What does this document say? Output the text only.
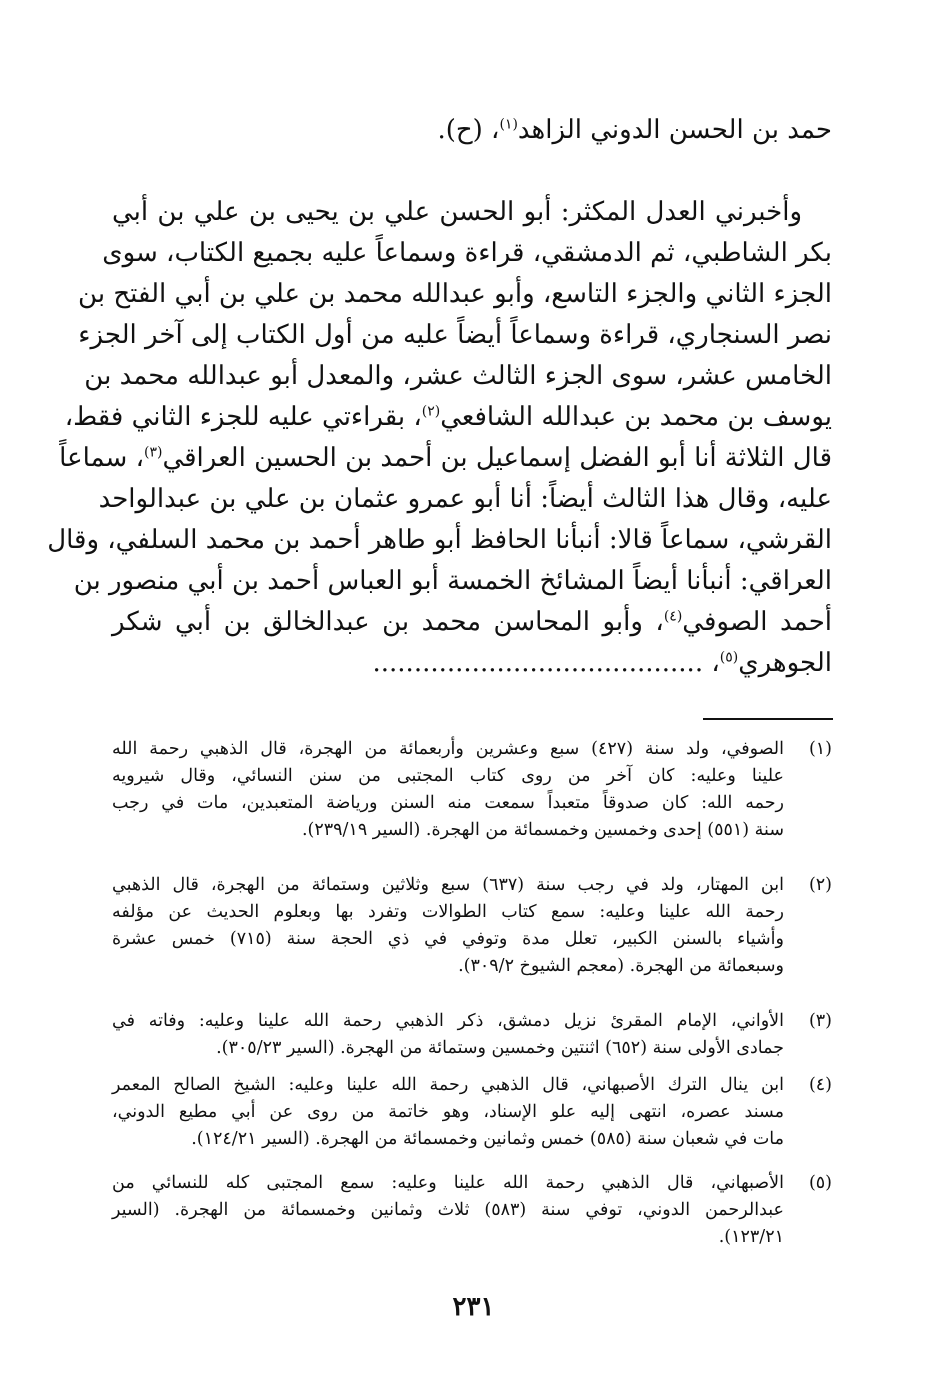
حمد بن الحسن الدوني الزاهد$^{(١)}$، (ح).
وأخبرني العدل المكثر: أبو الحسن علي بن يحيى بن علي بن أبي
بكر الشاطبي، ثم الدمشقي، قراءة وسماعاً عليه بجميع الكتاب، سوى
الجزء الثاني والجزء التاسع، وأبو عبدالله محمد بن علي بن أبي الفتح بن
نصر السنجاري، قراءة وسماعاً أيضاً عليه من أول الكتاب إلى آخر الجزء
الخامس عشر، سوى الجزء الثالث عشر، والمعدل أبو عبدالله محمد بن
يوسف بن محمد بن عبدالله الشافعي$^{(٢)}$، بقراءتي عليه للجزء الثاني فقط،
قال الثلاثة أنا أبو الفضل إسماعيل بن أحمد بن الحسين العراقي$^{(٣)}$، سماعاً
عليه، وقال هذا الثالث أيضاً: أنا أبو عمرو عثمان بن علي بن عبدالواحد
القرشي، سماعاً قالا: أنبأنا الحافظ أبو طاهر أحمد بن محمد السلفي، وقال
العراقي: أنبأنا أيضاً المشائخ الخمسة أبو العباس أحمد بن أبي منصور بن
أحمد الصوفي$^{(٤)}$، وأبو المحاسن محمد بن عبدالخالق بن أبي شكر
الجوهري$^{(٥)}$، ........................................
(١)
الصوفي، ولد سنة (٤٢٧) سبع وعشرين وأربعمائة من الهجرة، قال الذهبي رحمة الله
علينا وعليه: كان آخر من روى كتاب المجتبى من سنن النسائي، وقال شيرويه
رحمه الله: كان صدوقاً متعبداً سمعت منه السنن ورياضة المتعبدين، مات في رجب
سنة (٥٥١) إحدى وخمسين وخمسمائة من الهجرة. (السير ٢٣٩/١٩).
(٢)
ابن المهتار، ولد في رجب سنة (٦٣٧) سبع وثلاثين وستمائة من الهجرة، قال الذهبي
رحمة الله علينا وعليه: سمع كتاب الطوالات وتفرد بها وبعلوم الحديث عن مؤلفه
وأشياء بالسنن الكبير، تعلل مدة وتوفي في ذي الحجة سنة (٧١٥) خمس عشرة
وسبعمائة من الهجرة. (معجم الشيوخ ٣٠٩/٢).
(٣)
الأواني، الإمام المقرئ نزيل دمشق، ذكر الذهبي رحمة الله علينا وعليه: وفاته في
جمادى الأولى سنة (٦٥٢) اثنتين وخمسين وستمائة من الهجرة. (السير ٣٠٥/٢٣).
(٤)
ابن ينال الترك الأصبهاني، قال الذهبي رحمة الله علينا وعليه: الشيخ الصالح المعمر
مسند عصره، انتهى إليه علو الإسناد، وهو خاتمة من روى عن أبي مطيع الدوني،
مات في شعبان سنة (٥٨٥) خمس وثمانين وخمسمائة من الهجرة. (السير ١٢٤/٢١).
(٥)
الأصبهاني، قال الذهبي رحمة الله علينا وعليه: سمع المجتبى كله للنسائي من
عبدالرحمن الدوني، توفي سنة (٥٨٣) ثلاث وثمانين وخمسمائة من الهجرة. (السير
١٢٣/٢١).
٢٣١
